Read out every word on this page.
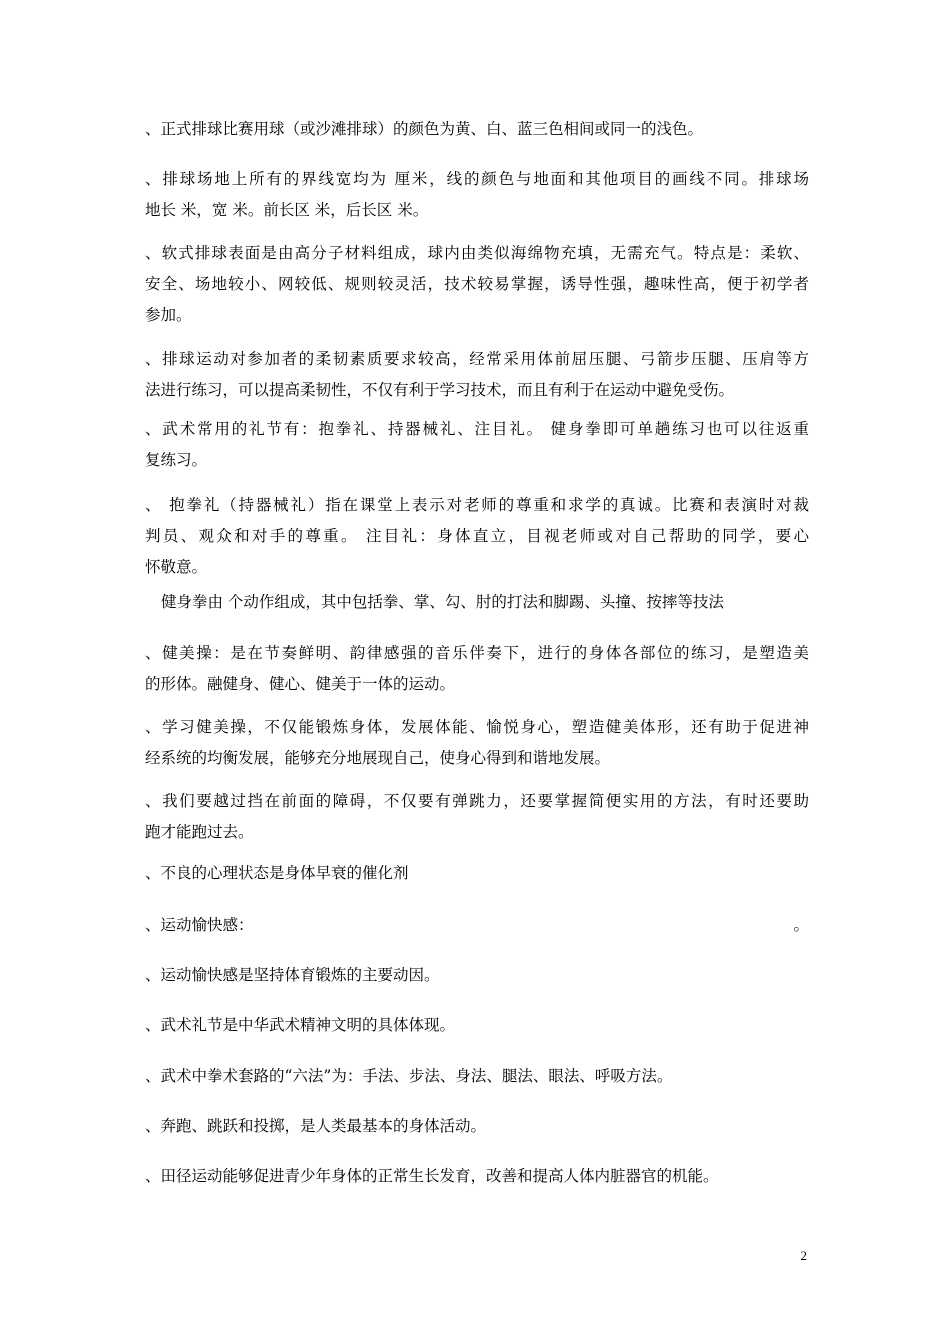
、正式排球比赛用球（或沙滩排球）的颜色为黄、白、蓝三色相间或同一的浅色。

、排球场地上所有的界线宽均为 厘米，线的颜色与地面和其他项目的画线不同。排球场
地长 米，宽 米。前长区 米，后长区 米。

、软式排球表面是由高分子材料组成，球内由类似海绵物充填，无需充气。特点是：柔软、
安全、场地较小、网较低、规则较灵活，技术较易掌握，诱导性强，趣味性高，便于初学者
参加。

、排球运动对参加者的柔韧素质要求较高，经常采用体前屈压腿、弓箭步压腿、压肩等方
法进行练习，可以提高柔韧性，不仅有利于学习技术，而且有利于在运动中避免受伤。

、武术常用的礼节有：抱拳礼、持器械礼、注目礼。 健身拳即可单趟练习也可以往返重
复练习。

、 抱拳礼（持器械礼）指在课堂上表示对老师的尊重和求学的真诚。比赛和表演时对裁
判员、观众和对手的尊重。 注目礼：身体直立，目视老师或对自己帮助的同学，要心
怀敬意。

健身拳由 个动作组成，其中包括拳、掌、勾、肘的打法和脚踢、头撞、按摔等技法

、健美操：是在节奏鲜明、韵律感强的音乐伴奏下，进行的身体各部位的练习，是塑造美
的形体。融健身、健心、健美于一体的运动。

、学习健美操，不仅能锻炼身体，发展体能、愉悦身心，塑造健美体形，还有助于促进神
经系统的均衡发展，能够充分地展现自己，使身心得到和谐地发展。

、我们要越过挡在前面的障碍，不仅要有弹跳力，还要掌握简便实用的方法，有时还要助
跑才能跑过去。

、不良的心理状态是身体早衰的催化剂

、运动愉快感：	。

、运动愉快感是坚持体育锻炼的主要动因。

、武术礼节是中华武术精神文明的具体体现。

、武术中拳术套路的“六法”为：手法、步法、身法、腿法、眼法、呼吸方法。

、奔跑、跳跃和投掷，是人类最基本的身体活动。

、田径运动能够促进青少年身体的正常生长发育，改善和提高人体内脏器官的机能。

2
